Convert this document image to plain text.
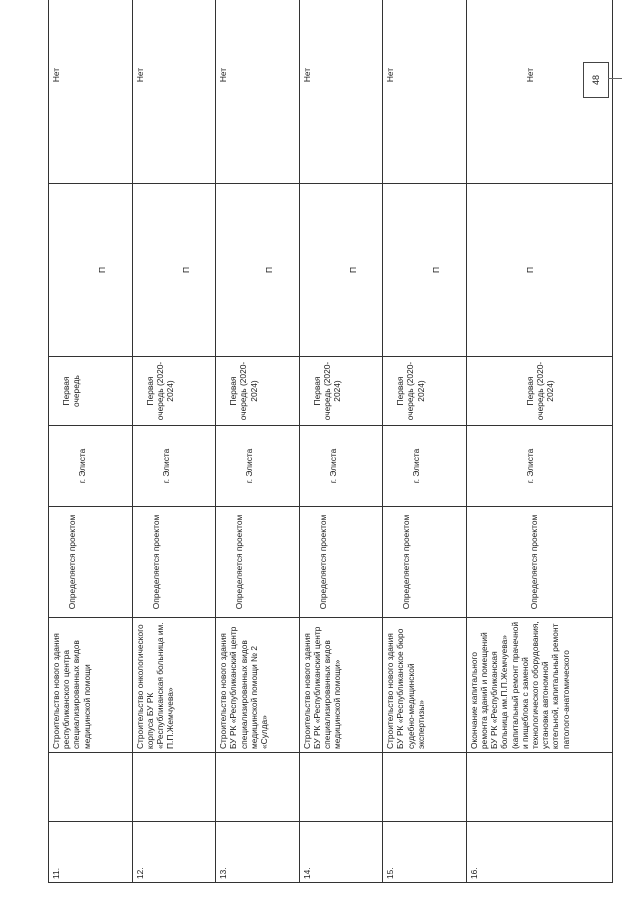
11.		Строительство нового здания республиканского центра специализированных видов медицинской помощи	Определяется проектом	г. Элиста	Первая очередь	П	Нет

12.		Строительство онкологического корпуса БУ РК «Республиканская больница им. П.П.Жемчуева»	Определяется проектом	г. Элиста	Первая очередь (2020-2024)	П	Нет

13.		Строительство нового здания БУ РК «Республиканский центр специализированных видов медицинской помощи № 2 «Сулда»	Определяется проектом	г. Элиста	Первая очередь (2020-2024)	П	Нет

14.		Строительство нового здания БУ РК «Республиканский центр специализированных видов медицинской помощи»	Определяется проектом	г. Элиста	Первая очередь (2020-2024)	П	Нет

15.		Строительство нового здания БУ РК «Республиканское бюро судебно-медицинской экспертизы»	Определяется проектом	г. Элиста	Первая очередь (2020-2024)	П	Нет

16.		Окончание капитального ремонта зданий и помещений БУ РК «Республиканская больница им.П.П.Жемчуева» (капитальный ремонт прачечной и пищеблока с заменой технологического оборудования, установка автономной котельной, капитальный ремонт патолого-анатомического	Определяется проектом	г. Элиста	Первая очередь (2020-2024)	П	Нет	48
